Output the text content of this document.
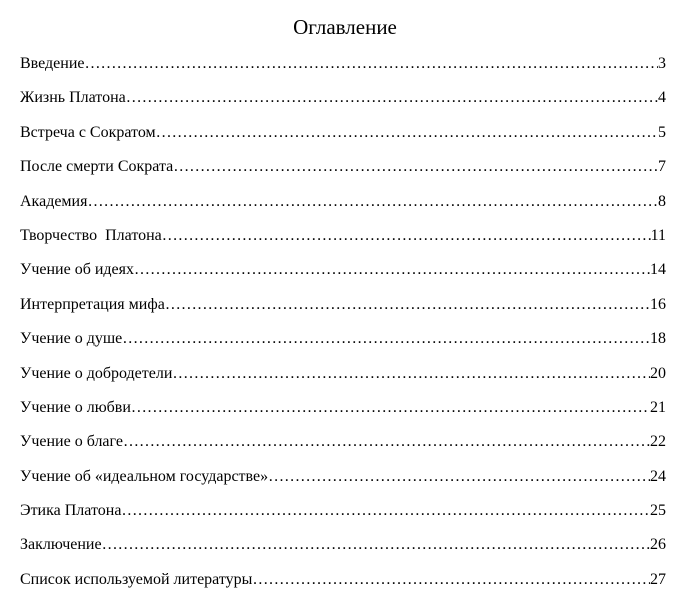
Оглавление
Введение …………………………………………………………………………………………………………………………………………………………………………………	3
Жизнь Платона …………………………………………………………………………………………………………………………………………………………………………………	4
Встреча с Сократом …………………………………………………………………………………………………………………………………………………………………………………	5
После смерти Сократа …………………………………………………………………………………………………………………………………………………………………………………	7
Академия …………………………………………………………………………………………………………………………………………………………………………………	8
Творчество  Платона …………………………………………………………………………………………………………………………………………………………………………………	11
Учение об идеях …………………………………………………………………………………………………………………………………………………………………………………	14
Интерпретация мифа …………………………………………………………………………………………………………………………………………………………………………………	16
Учение о душе …………………………………………………………………………………………………………………………………………………………………………………	18
Учение о добродетели …………………………………………………………………………………………………………………………………………………………………………………	20
Учение о любви …………………………………………………………………………………………………………………………………………………………………………………	21
Учение о благе …………………………………………………………………………………………………………………………………………………………………………………	22
Учение об «идеальном государстве» …………………………………………………………………………………………………………………………………………………………………………………	24
Этика Платона …………………………………………………………………………………………………………………………………………………………………………………	25
Заключение …………………………………………………………………………………………………………………………………………………………………………………	26
Список используемой литературы …………………………………………………………………………………………………………………………………………………………………………………	27
